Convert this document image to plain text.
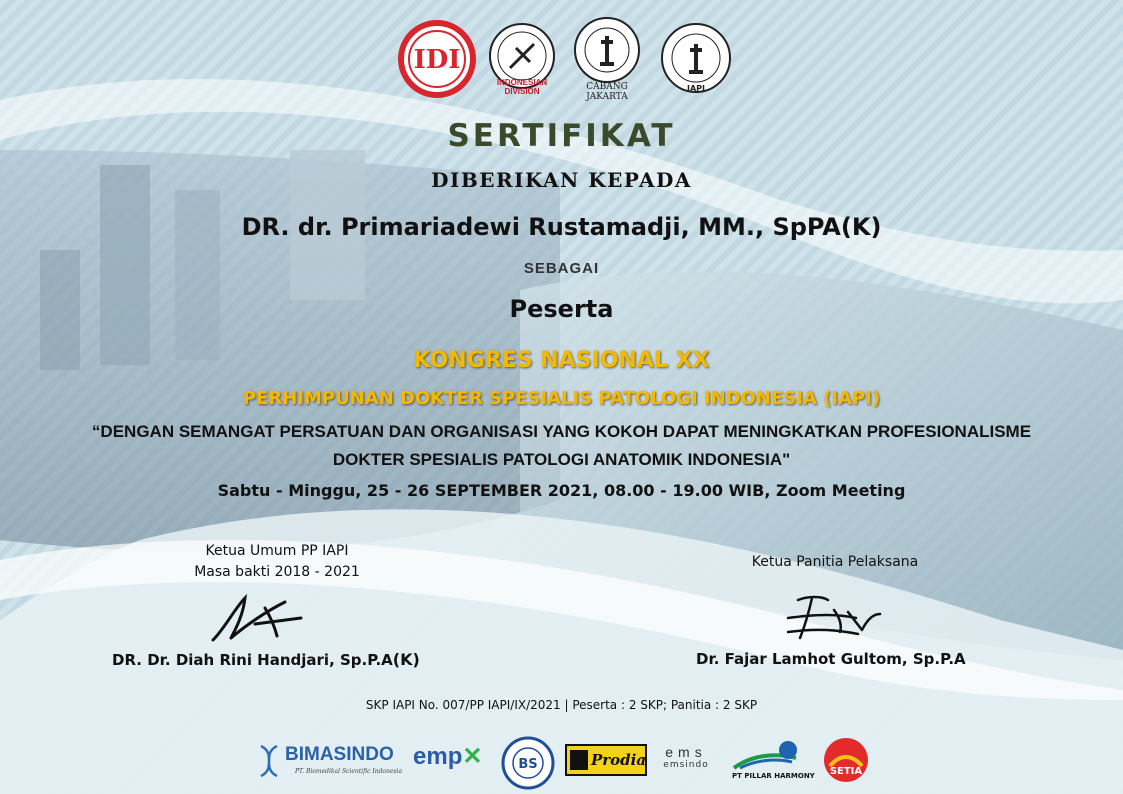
IDI
INDONESIAN DIVISION	CABANG JAKARTA
IAPI
SERTIFIKAT
DIBERIKAN KEPADA
DR. dr. Primariadewi Rustamadji, MM., SpPA(K)
SEBAGAI
Peserta
KONGRES NASIONAL XX
PERHIMPUNAN DOKTER SPESIALIS PATOLOGI INDONESIA (IAPI)
“DENGAN SEMANGAT PERSATUAN DAN ORGANISASI YANG KOKOH DAPAT MENINGKATKAN PROFESIONALISME
DOKTER SPESIALIS PATOLOGI ANATOMIK INDONESIA"
Sabtu - Minggu, 25 - 26 SEPTEMBER 2021, 08.00 - 19.00 WIB, Zoom Meeting
Ketua Umum PP IAPI
Masa bakti 2018 - 2021
DR. Dr. Diah Rini Handjari, Sp.P.A(K)
Ketua Panitia Pelaksana
Dr. Fajar Lamhot Gultom, Sp.P.A
SKP IAPI No. 007/PP IAPI/IX/2021 | Peserta : 2 SKP; Panitia : 2 SKP
BIMASINDO
PT. Biomedikal Scientific Indonesia
emp✕	BS	Prodia	ems
emsindo
PT PILLAR HARMONY SETIA
